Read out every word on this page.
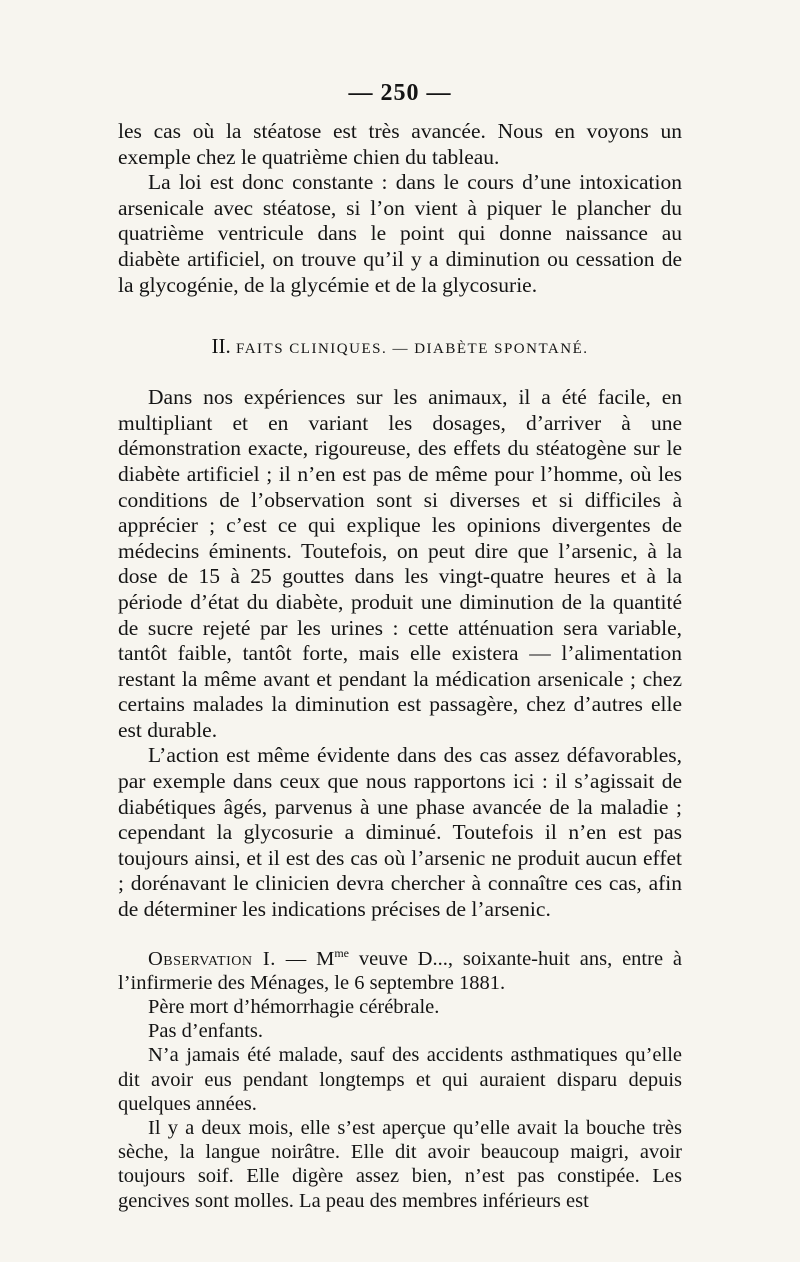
— 250 —

les cas où la stéatose est très avancée. Nous en voyons un exemple chez le quatrième chien du tableau.

La loi est donc constante : dans le cours d’une intoxication arsenicale avec stéatose, si l’on vient à piquer le plancher du quatrième ventricule dans le point qui donne naissance au diabète artificiel, on trouve qu’il y a diminution ou cessation de la glycogénie, de la glycémie et de la glycosurie.

II. FAITS CLINIQUES. — DIABÈTE SPONTANÉ.

Dans nos expériences sur les animaux, il a été facile, en multipliant et en variant les dosages, d’arriver à une démonstration exacte, rigoureuse, des effets du stéatogène sur le diabète artificiel ; il n’en est pas de même pour l’homme, où les conditions de l’observation sont si diverses et si difficiles à apprécier ; c’est ce qui explique les opinions divergentes de médecins éminents. Toutefois, on peut dire que l’arsenic, à la dose de 15 à 25 gouttes dans les vingt-quatre heures et à la période d’état du diabète, produit une diminution de la quantité de sucre rejeté par les urines : cette atténuation sera variable, tantôt faible, tantôt forte, mais elle existera — l’alimentation restant la même avant et pendant la médication arsenicale ; chez certains malades la diminution est passagère, chez d’autres elle est durable.

L’action est même évidente dans des cas assez défavorables, par exemple dans ceux que nous rapportons ici : il s’agissait de diabétiques âgés, parvenus à une phase avancée de la maladie ; cependant la glycosurie a diminué. Toutefois il n’en est pas toujours ainsi, et il est des cas où l’arsenic ne produit aucun effet ; dorénavant le clinicien devra chercher à connaître ces cas, afin de déterminer les indications précises de l’arsenic.

Observation I. — $M^{me}$ veuve D..., soixante-huit ans, entre à l’infirmerie des Ménages, le 6 septembre 1881.

Père mort d’hémorrhagie cérébrale.

Pas d’enfants.

N’a jamais été malade, sauf des accidents asthmatiques qu’elle dit avoir eus pendant longtemps et qui auraient disparu depuis quelques années.

Il y a deux mois, elle s’est aperçue qu’elle avait la bouche très sèche, la langue noirâtre. Elle dit avoir beaucoup maigri, avoir toujours soif. Elle digère assez bien, n’est pas constipée. Les gencives sont molles. La peau des membres inférieurs est
